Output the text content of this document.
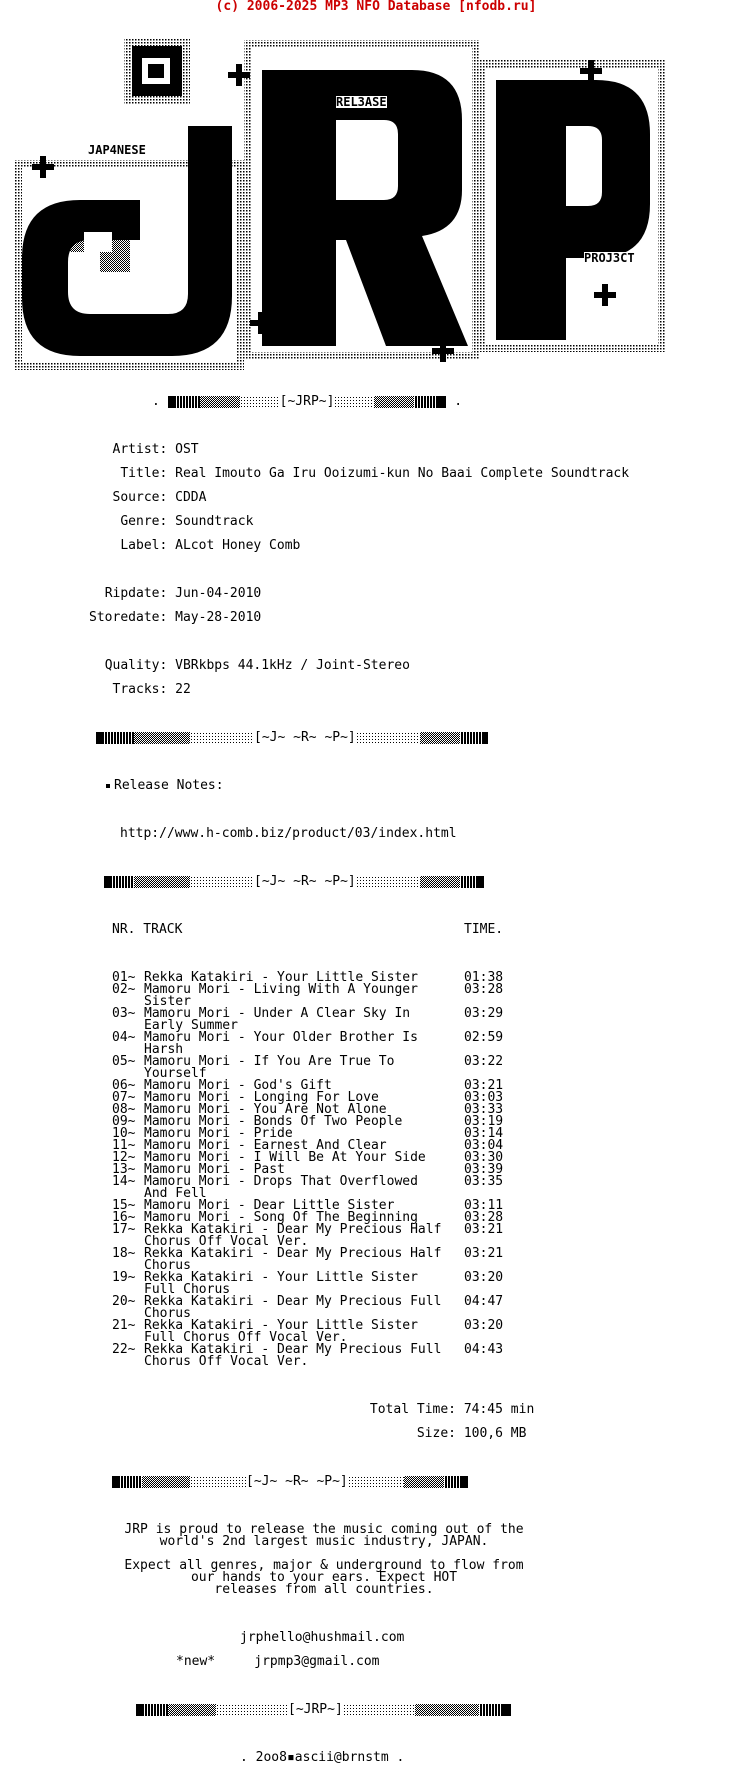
(c) 2006-2025 MP3 NFO Database [nfodb.ru]
JAP4NESE
REL3ASE
PROJ3CT
.	[~JRP~]	.

Artist: OST

Title: Real Imouto Ga Iru Ooizumi-kun No Baai Complete Soundtrack

Source: CDDA

Genre: Soundtrack

Label: ALcot Honey Comb

Ripdate: Jun-04-2010

Storedate: May-28-2010

Quality: VBRkbps 44.1kHz / Joint-Stereo

Tracks: 22

[~J~ ~R~ ~P~]

Release Notes:

http://www.h-comb.biz/product/03/index.html

[~J~ ~R~ ~P~]

NR. TRACK	TIME.

01~ Rekka Katakiri - Your Little Sister	01:38
02~ Mamoru Mori - Living With A Younger	03:28
Sister
03~ Mamoru Mori - Under A Clear Sky In	03:29
Early Summer
04~ Mamoru Mori - Your Older Brother Is	02:59
Harsh
05~ Mamoru Mori - If You Are True To	03:22
Yourself
06~ Mamoru Mori - God's Gift	03:21
07~ Mamoru Mori - Longing For Love	03:03
08~ Mamoru Mori - You Are Not Alone	03:33
09~ Mamoru Mori - Bonds Of Two People	03:19
10~ Mamoru Mori - Pride	03:14
11~ Mamoru Mori - Earnest And Clear	03:04
12~ Mamoru Mori - I Will Be At Your Side	03:30
13~ Mamoru Mori - Past	03:39
14~ Mamoru Mori - Drops That Overflowed	03:35
And Fell
15~ Mamoru Mori - Dear Little Sister	03:11
16~ Mamoru Mori - Song Of The Beginning	03:28
17~ Rekka Katakiri - Dear My Precious Half 03:21
Chorus Off Vocal Ver.
18~ Rekka Katakiri - Dear My Precious Half 03:21
Chorus
19~ Rekka Katakiri - Your Little Sister	03:20
Full Chorus
20~ Rekka Katakiri - Dear My Precious Full 04:47
Chorus
21~ Rekka Katakiri - Your Little Sister	03:20
Full Chorus Off Vocal Ver.
22~ Rekka Katakiri - Dear My Precious Full 04:43
Chorus Off Vocal Ver.

Total Time: 74:45 min

Size: 100,6 MB

[~J~ ~R~ ~P~]

JRP is proud to release the music coming out of the
world's 2nd largest music industry, JAPAN.
Expect all genres, major & underground to flow from
our hands to your ears. Expect HOT
releases from all countries.

jrphello@hushmail.com

*new*	jrpmp3@gmail.com

[~JRP~]

. 2oo8▪ascii@brnstm .
